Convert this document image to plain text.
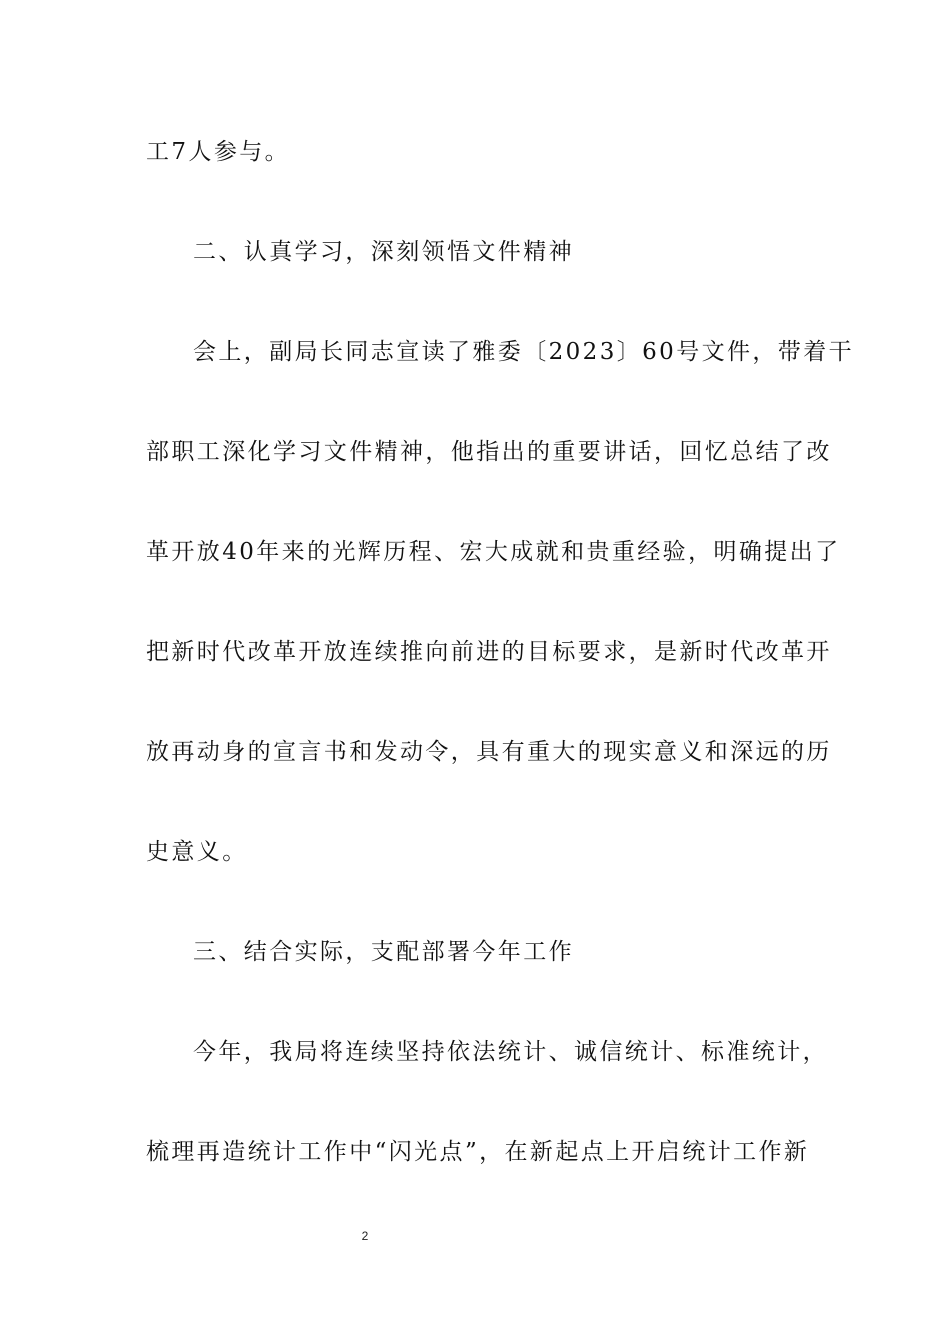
工7人参与。
二、认真学习，深刻领悟文件精神
会上，副局长同志宣读了雅委〔2023〕60号文件，带着干
部职工深化学习文件精神，他指出的重要讲话，回忆总结了改
革开放40年来的光辉历程、宏大成就和贵重经验，明确提出了
把新时代改革开放连续推向前进的目标要求，是新时代改革开
放再动身的宣言书和发动令，具有重大的现实意义和深远的历
史意义。
三、结合实际，支配部署今年工作
今年，我局将连续坚持依法统计、诚信统计、标准统计，
梳理再造统计工作中“闪光点”，在新起点上开启统计工作新
2
